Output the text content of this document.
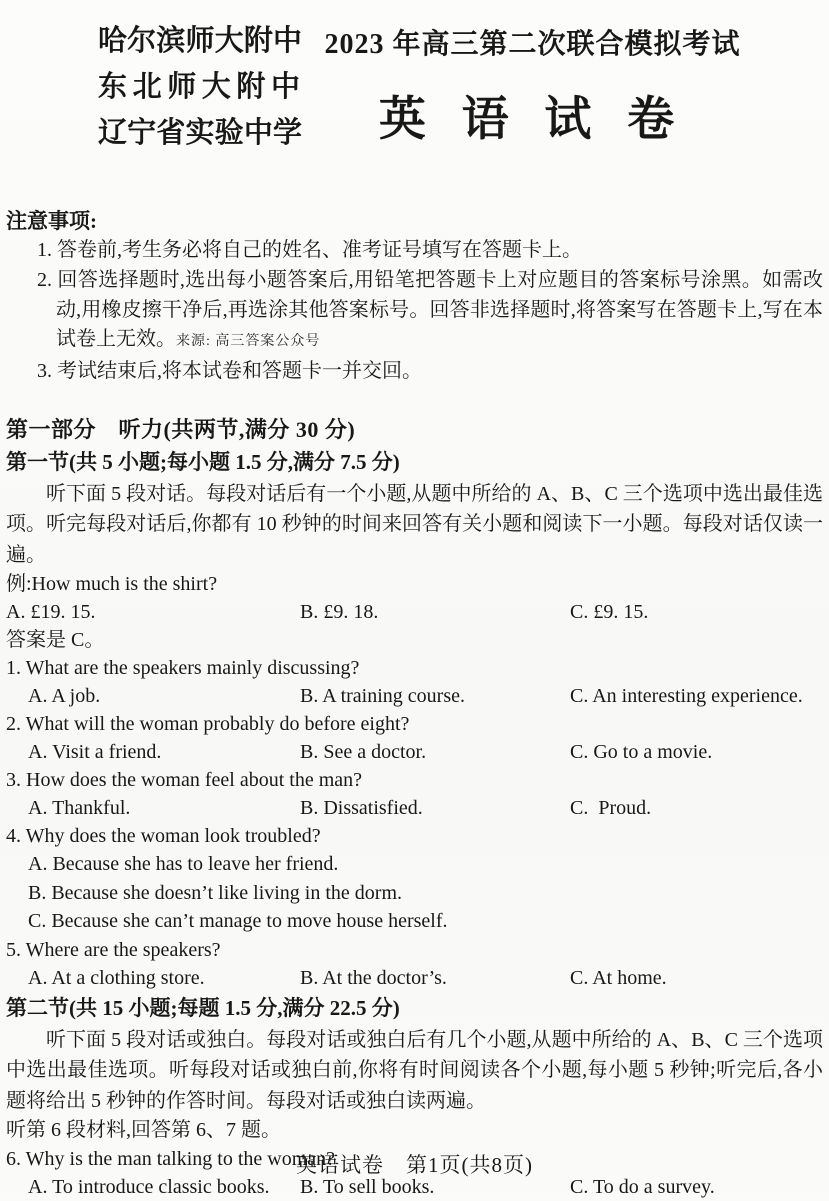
哈尔滨师大附中
东北师大附中
辽宁省实验中学
2023 年高三第二次联合模拟考试
英 语 试 卷
注意事项:
1. 答卷前,考生务必将自己的姓名、准考证号填写在答题卡上。
2. 回答选择题时,选出每小题答案后,用铅笔把答题卡上对应题目的答案标号涂黑。如需改动,用橡皮擦干净后,再选涂其他答案标号。回答非选择题时,将答案写在答题卡上,写在本试卷上无效。来源: 高三答案公众号
3. 考试结束后,将本试卷和答题卡一并交回。
第一部分　听力(共两节,满分 30 分)
第一节(共 5 小题;每小题 1.5 分,满分 7.5 分)
听下面 5 段对话。每段对话后有一个小题,从题中所给的 A、B、C 三个选项中选出最佳选项。听完每段对话后,你都有 10 秒钟的时间来回答有关小题和阅读下一小题。每段对话仅读一遍。
例:How much is the shirt?
A. £19. 15.	B. £9. 18.	C. £9. 15.
答案是 C。
1. What are the speakers mainly discussing?
A. A job.	B. A training course.	C. An interesting experience.
2. What will the woman probably do before eight?
A. Visit a friend.	B. See a doctor.	C. Go to a movie.
3. How does the woman feel about the man?
A. Thankful.	B. Dissatisfied.	C.  Proud.
4. Why does the woman look troubled?
A. Because she has to leave her friend.
B. Because she doesn’t like living in the dorm.
C. Because she can’t manage to move house herself.
5. Where are the speakers?
A. At a clothing store.	B. At the doctor’s.	C. At home.
第二节(共 15 小题;每题 1.5 分,满分 22.5 分)
听下面 5 段对话或独白。每段对话或独白后有几个小题,从题中所给的 A、B、C 三个选项中选出最佳选项。听每段对话或独白前,你将有时间阅读各个小题,每小题 5 秒钟;听完后,各小题将给出 5 秒钟的作答时间。每段对话或独白读两遍。
听第 6 段材料,回答第 6、7 题。
6. Why is the man talking to the woman?
A. To introduce classic books.	B. To sell books.	C. To do a survey.
英语试卷　第1页(共8页)
